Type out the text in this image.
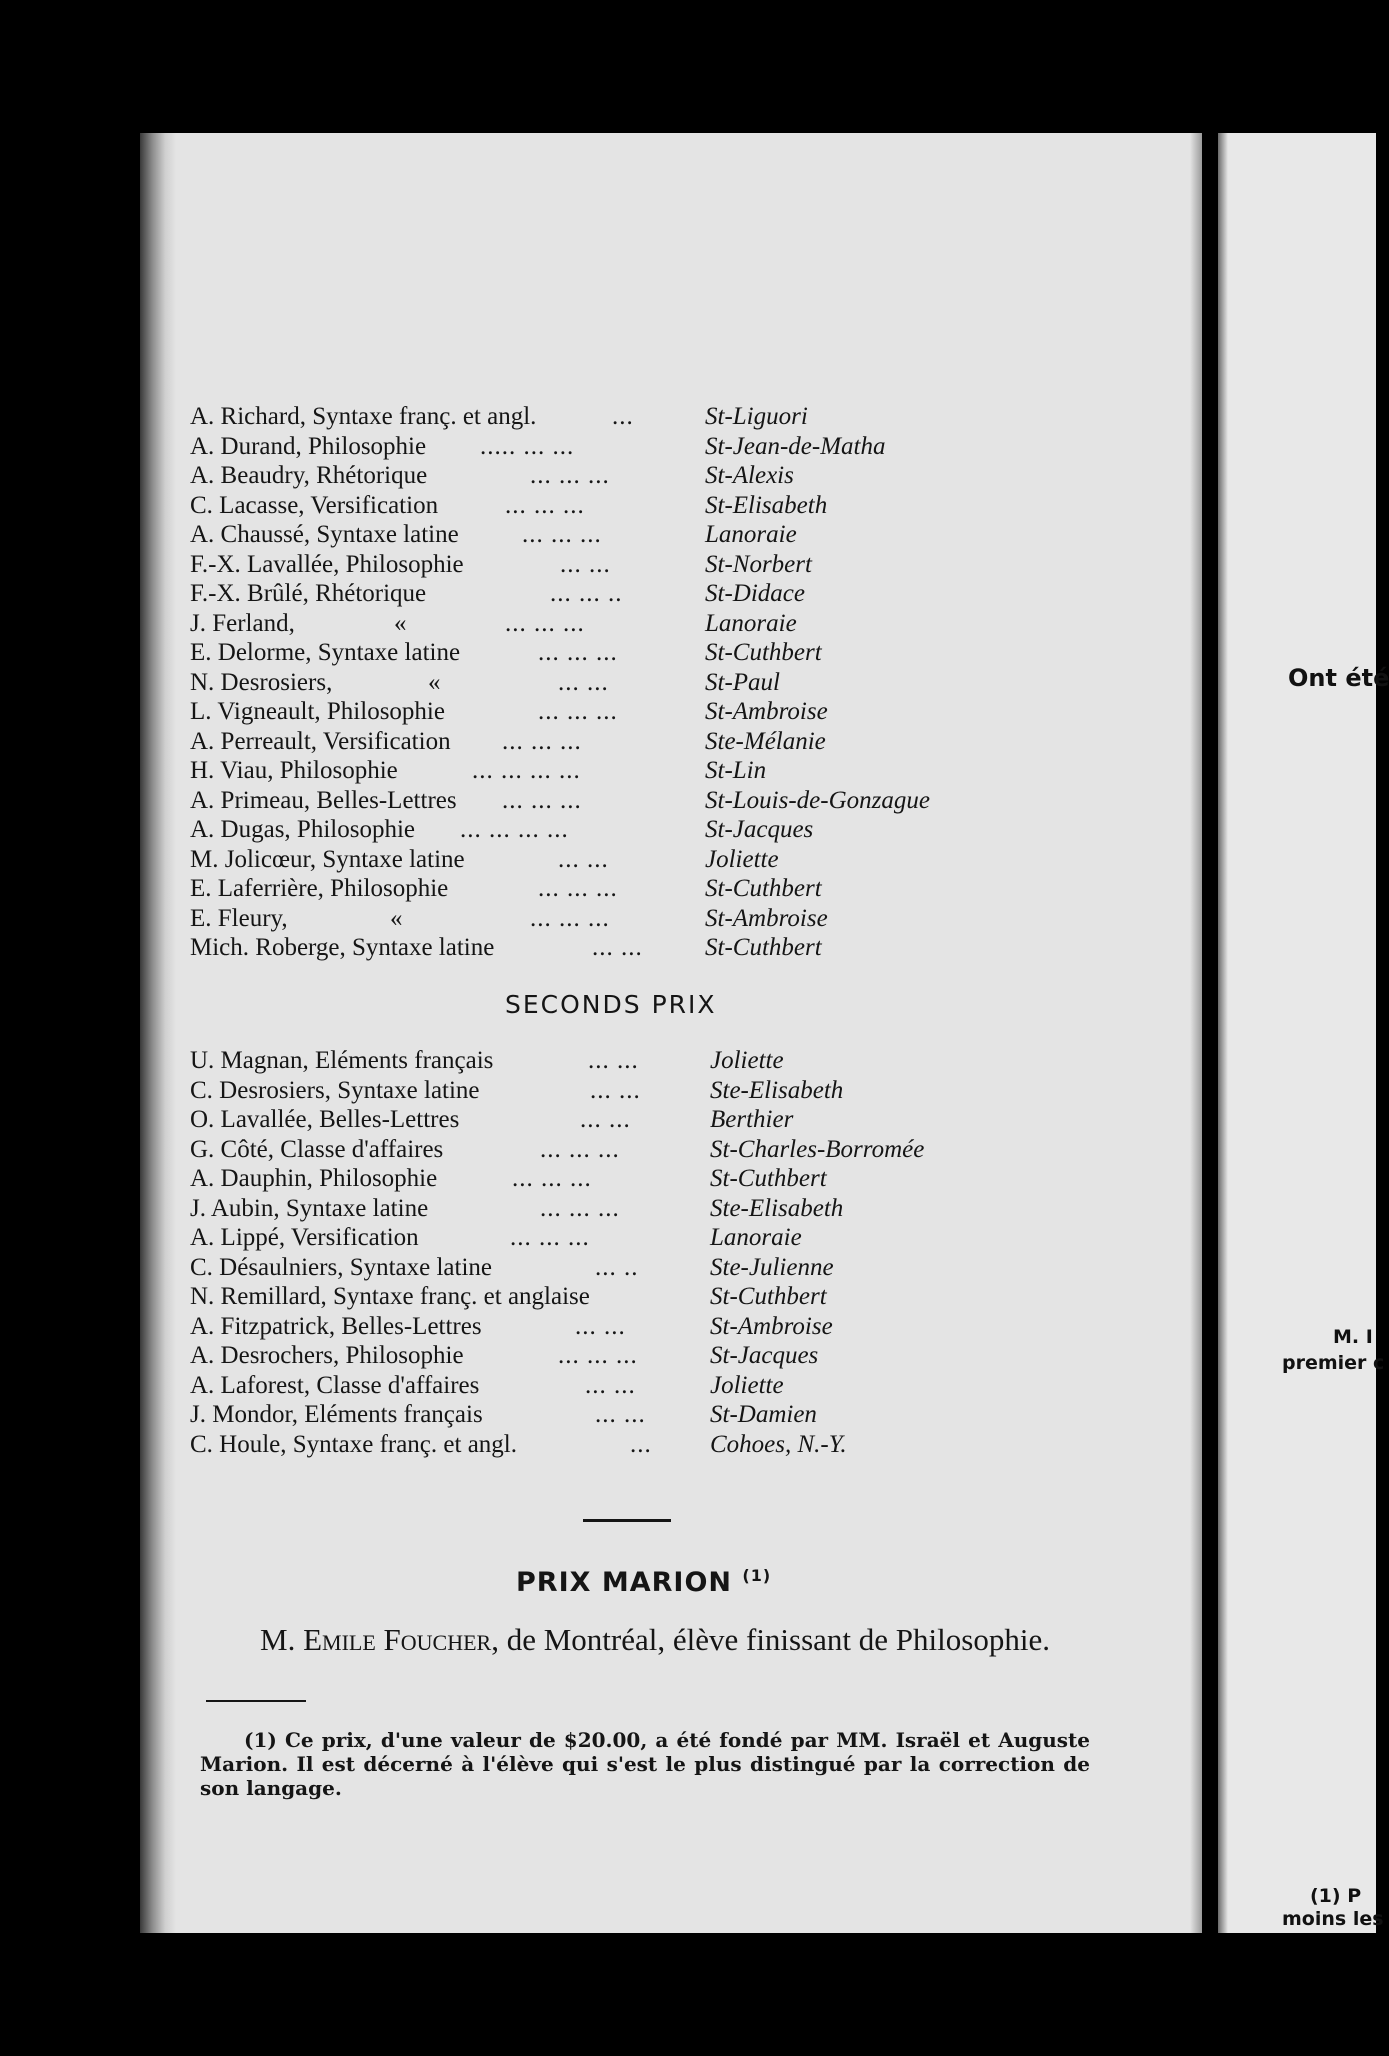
Ont été
M. I
premier c
(1) P
moins les
A. Richard, Syntaxe franç. et angl.	...	St-Liguori
A. Durand, Philosophie ..... ... ...	St-Jean-de-Matha
A. Beaudry, Rhétorique	... ... ...	St-Alexis
C. Lacasse, Versification	... ... ...	St-Elisabeth
A. Chaussé, Syntaxe latine	... ... ...	Lanoraie
F.-X. Lavallée, Philosophie	... ...	St-Norbert
F.-X. Brûlé, Rhétorique	... ... ..	St-Didace
J. Ferland,	«	... ... ...	Lanoraie
E. Delorme, Syntaxe latine	... ... ...	St-Cuthbert
N. Desrosiers,	«	... ...	St-Paul
L. Vigneault, Philosophie	... ... ...	St-Ambroise
A. Perreault, Versification ... ... ...	Ste-Mélanie
H. Viau, Philosophie	... ... ... ...	St-Lin
A. Primeau, Belles-Lettres ... ... ...	St-Louis-de-Gonzague
A. Dugas, Philosophie ... ... ... ...	St-Jacques
M. Jolicœur, Syntaxe latine	... ...	Joliette
E. Laferrière, Philosophie	... ... ...	St-Cuthbert
E. Fleury,	«	... ... ...	St-Ambroise
Mich. Roberge, Syntaxe latine	... ... St-Cuthbert
SECONDS PRIX
U. Magnan, Eléments français	... ...	Joliette
C. Desrosiers, Syntaxe latine	... ...	Ste-Elisabeth
O. Lavallée, Belles-Lettres	... ...	Berthier
G. Côté, Classe d'affaires	... ... ...	St-Charles-Borromée
A. Dauphin, Philosophie	... ... ...	St-Cuthbert
J. Aubin, Syntaxe latine	... ... ...	Ste-Elisabeth
A. Lippé, Versification	... ... ...	Lanoraie
C. Désaulniers, Syntaxe latine	... ..	Ste-Julienne
N. Remillard, Syntaxe franç. et anglaise	St-Cuthbert
A. Fitzpatrick, Belles-Lettres	... ...	St-Ambroise
A. Desrochers, Philosophie	... ... ...	St-Jacques
A. Laforest, Classe d'affaires	... ...	Joliette
J. Mondor, Eléments français	... ...	St-Damien
C. Houle, Syntaxe franç. et angl.	... Cohoes, N.-Y.
PRIX MARION $^{(1)}$
M. Emile Foucher, de Montréal, élève finissant de Philosophie.
(1) Ce prix, d'une valeur de $20.00, a été fondé par MM. Israël et Auguste Marion. Il est décerné à l'élève qui s'est le plus distingué par la correction de son langage.
